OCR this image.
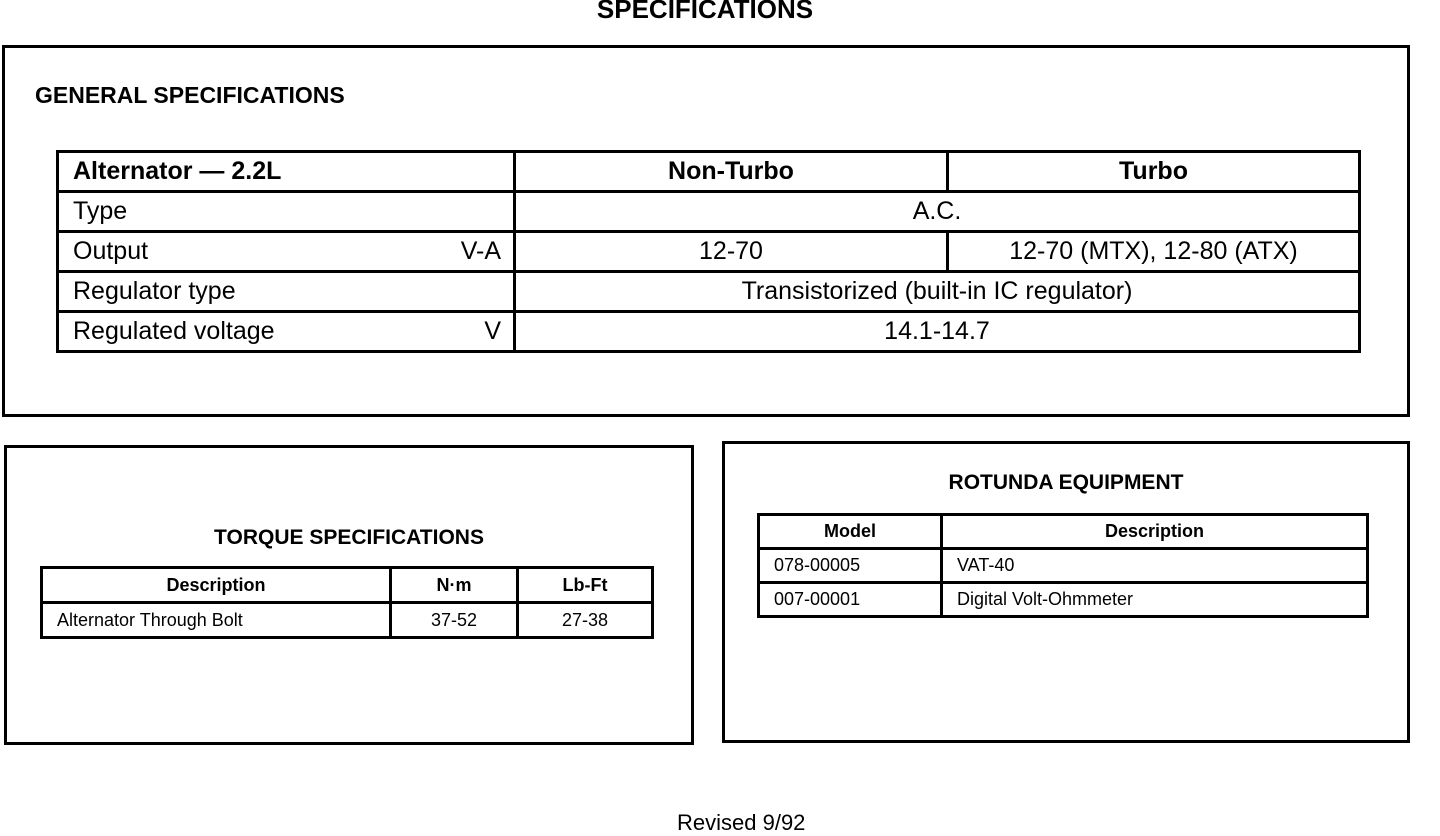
SPECIFICATIONS
GENERAL SPECIFICATIONS
Alternator — 2.2L	Non-Turbo	Turbo

Type	A.C.	

Output V-A	12-70	12-70 (MTX), 12-80 (ATX)

Regulator type	Transistorized (built-in IC regulator)	

Regulated voltage V	14.1-14.7	
TORQUE SPECIFICATIONS
Description	N·m	Lb-Ft
Alternator Through Bolt	37-52	27-38
ROTUNDA EQUIPMENT
Model	Description
078-00005	VAT-40
007-00001	Digital Volt-Ohmmeter
Revised 9/92
